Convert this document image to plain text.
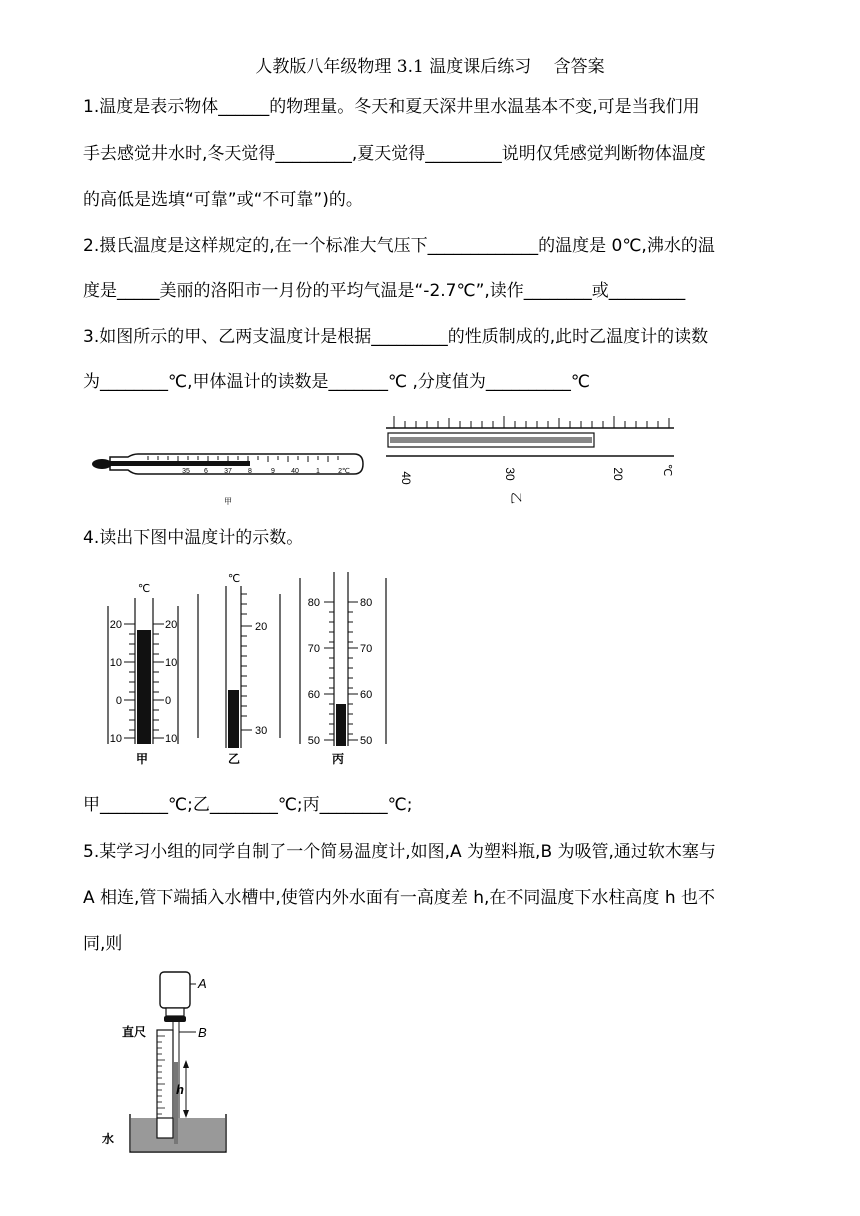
人教版八年级物理 3.1 温度课后练习　 含答案
1.温度是表示物体______的物理量。冬天和夏天深井里水温基本不变,可是当我们用
手去感觉井水时,冬天觉得_________,夏天觉得_________说明仅凭感觉判断物体温度
的高低是选填“可靠”或“不可靠”)的。
2.摄氏温度是这样规定的,在一个标准大气压下_____________的温度是 0℃,沸水的温
度是_____美丽的洛阳市一月份的平均气温是“-2.7℃”,读作________或_________
3.如图所示的甲、乙两支温度计是根据_________的性质制成的,此时乙温度计的读数
为________℃,甲体温计的读数是_______℃ ,分度值为__________℃
35 6 37 8	9 40 1	2℃
甲
40	30	20	℃
乙
4.读出下图中温度计的示数。
℃
20
10
0
10
20
10
0
10
甲
℃
20
30
乙
80
70
60
50
80
70
60
50
丙
甲________℃;乙________℃;丙________℃;
5.某学习小组的同学自制了一个简易温度计,如图,A 为塑料瓶,B 为吸管,通过软木塞与
A 相连,管下端插入水槽中,使管内外水面有一高度差 h,在不同温度下水柱高度 h 也不
同,则
A
B
直尺
h
水
